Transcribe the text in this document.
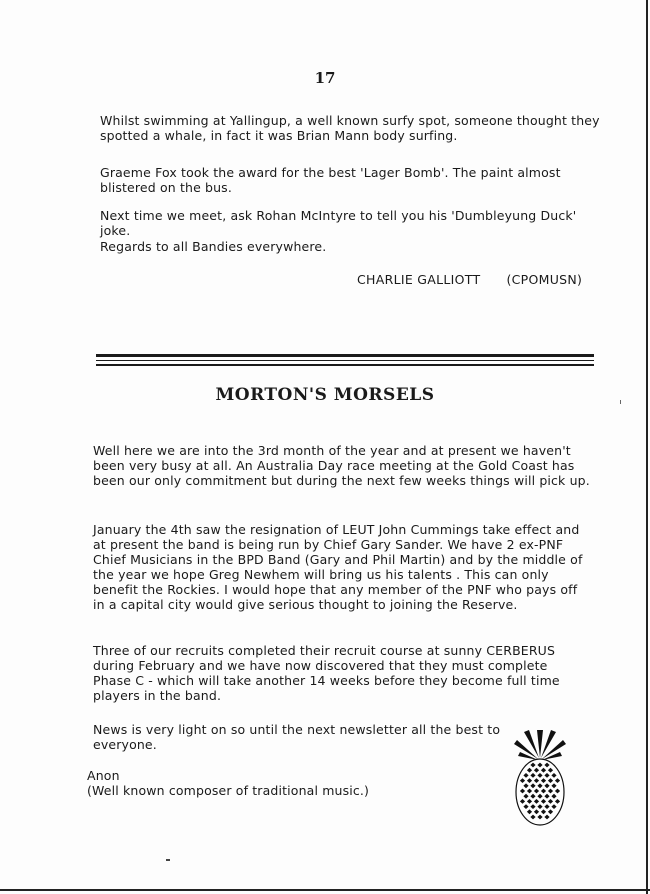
17

Whilst swimming at Yallingup, a well known surfy spot, someone thought they spotted a whale, in fact it was Brian Mann body surfing.

Graeme Fox took the award for the best 'Lager Bomb'. The paint almost blistered on the bus.

Next time we meet, ask Rohan McIntyre to tell you his 'Dumbleyung Duck' joke.

Regards to all Bandies everywhere.

CHARLIE GALLIOTT (CPOMUSN)
MORTON'S MORSELS

Well here we are into the 3rd month of the year and at present we haven't been very busy at all. An Australia Day race meeting at the Gold Coast has been our only commitment but during the next few weeks things will pick up.

January the 4th saw the resignation of LEUT John Cummings take effect and at present the band is being run by Chief Gary Sander. We have 2 ex-PNF Chief Musicians in the BPD Band (Gary and Phil Martin) and by the middle of the year we hope Greg Newhem will bring us his talents . This can only benefit the Rockies. I would hope that any member of the PNF who pays off in a capital city would give serious thought to joining the Reserve.

Three of our recruits completed their recruit course at sunny CERBERUS during February and we have now discovered that they must complete Phase C - which will take another 14 weeks before they become full time players in the band.

News is very light on so until the next newsletter all the best to everyone.

Anon

(Well known composer of traditional music.)
